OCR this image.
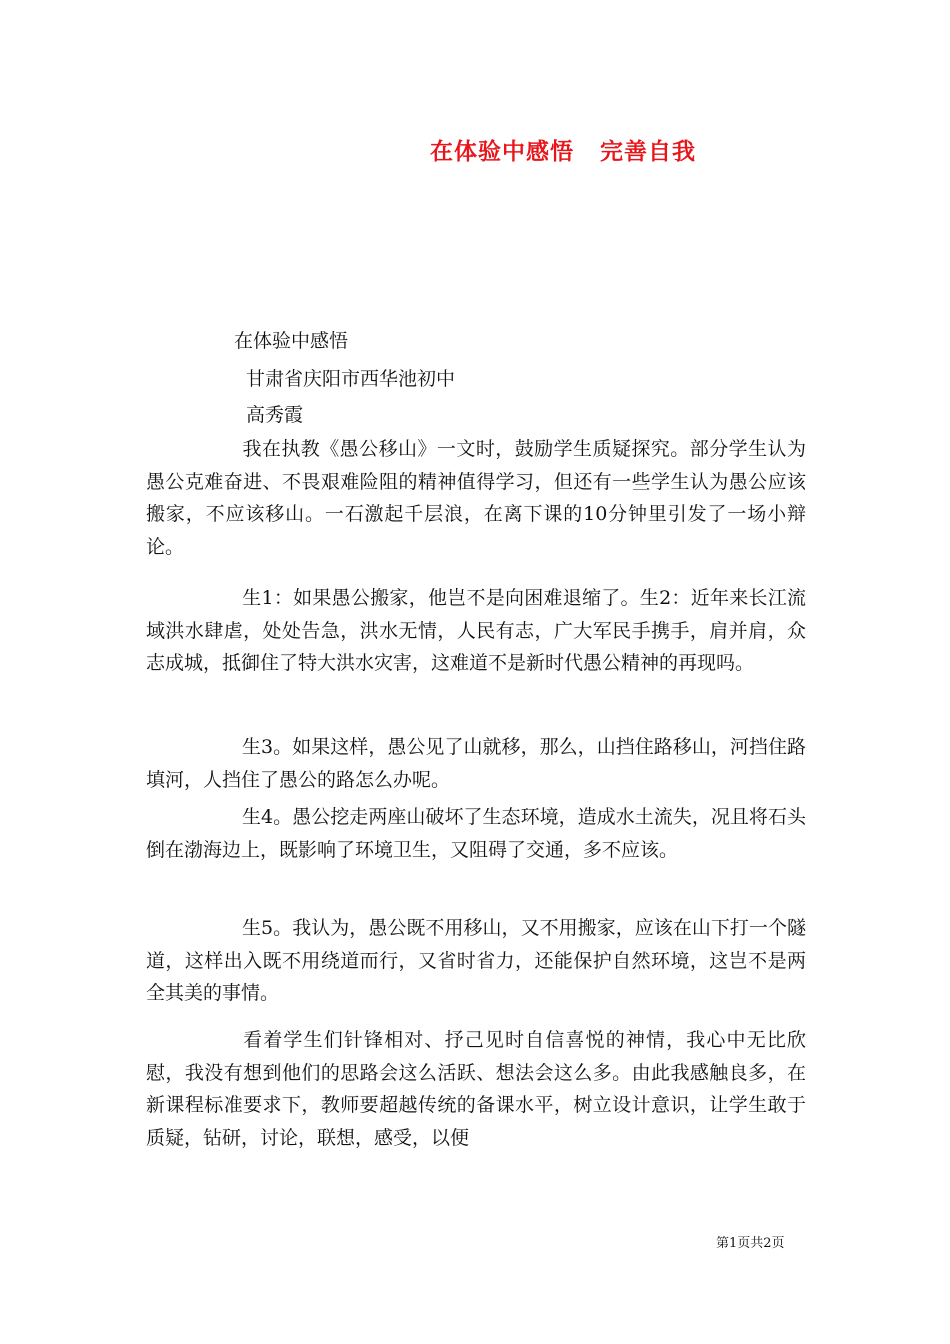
在体验中感悟 完善自我
在体验中感悟
甘肃省庆阳市西华池初中
高秀霞

我在执教《愚公移山》一文时，鼓励学生质疑探究。部分学生认为愚公克难奋进、不畏艰难险阻的精神值得学习，但还有一些学生认为愚公应该搬家，不应该移山。一石激起千层浪，在离下课的10分钟里引发了一场小辩论。

生1：如果愚公搬家，他岂不是向困难退缩了。生2：近年来长江流域洪水肆虐，处处告急，洪水无情，人民有志，广大军民手携手，肩并肩，众志成城，抵御住了特大洪水灾害，这难道不是新时代愚公精神的再现吗。

生3。如果这样，愚公见了山就移，那么，山挡住路移山，河挡住路填河，人挡住了愚公的路怎么办呢。

生4。愚公挖走两座山破坏了生态环境，造成水土流失，况且将石头倒在渤海边上，既影响了环境卫生，又阻碍了交通，多不应该。

生5。我认为，愚公既不用移山，又不用搬家，应该在山下打一个隧道，这样出入既不用绕道而行，又省时省力，还能保护自然环境，这岂不是两全其美的事情。

看着学生们针锋相对、抒己见时自信喜悦的神情，我心中无比欣慰，我没有想到他们的思路会这么活跃、想法会这么多。由此我感触良多，在新课程标准要求下，教师要超越传统的备课水平，树立设计意识，让学生敢于质疑，钻研，讨论，联想，感受，以便

第1页共2页
